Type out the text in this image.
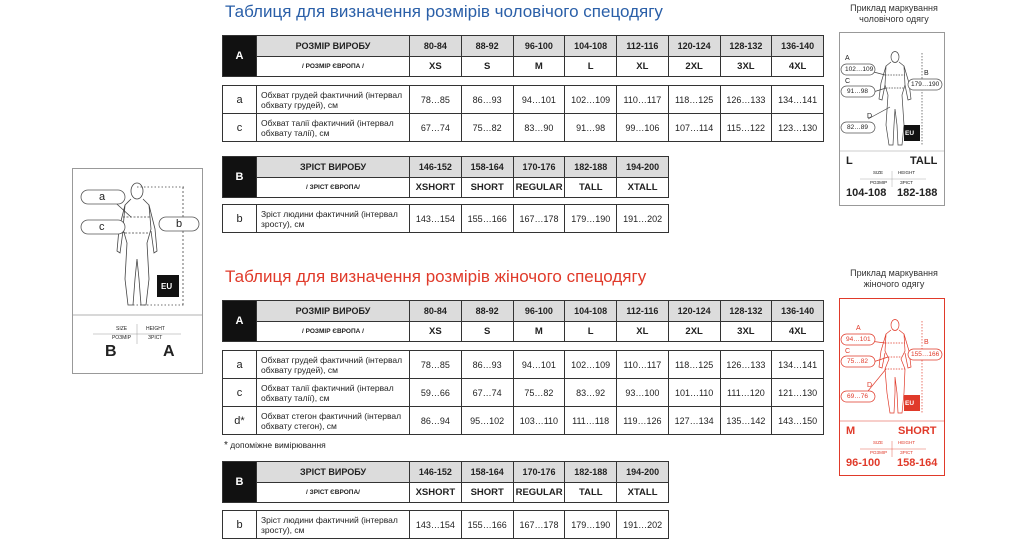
Таблиця для визначення розмірів чоловічого спецодягу
A	РОЗМІР ВИРОБУ	80-84	88-92	96-100	104-108	112-116	120-124	128-132	136-140
	/ РОЗМІР ЄВРОПА /	XS	S	M	L	XL	2XL	3XL	4XL
a	Обхват грудей фактичний (інтервал обхвату грудей), см	78…85	86…93	94…101	102…109	110…117	118…125	126…133	134…141
c	Обхват талії фактичний (інтервал обхвату талії), см	67…74	75…82	83…90	91…98	99…106	107…114	115…122	123…130
B	ЗРІСТ ВИРОБУ	146-152	158-164	170-176	182-188	194-200
	/ ЗРІСТ ЄВРОПА/	XSHORT	SHORT	REGULAR	TALL	XTALL
b	Зріст людини фактичний (інтервал зросту), см	143…154	155…166	167…178	179…190	191…202
Таблиця для визначення розмірів жіночого спецодягу
A	РОЗМІР ВИРОБУ	80-84	88-92	96-100	104-108	112-116	120-124	128-132	136-140
	/ РОЗМІР ЄВРОПА /	XS	S	M	L	XL	2XL	3XL	4XL
a	Обхват грудей фактичний (інтервал обхвату грудей), см	78…85	86…93	94…101	102…109	110…117	118…125	126…133	134…141
c	Обхват талії фактичний (інтервал обхвату талії), см	59…66	67…74	75…82	83…92	93…100	101…110	111…120	121…130
d*	Обхват стегон фактичний (інтервал обхвату стегон), см	86…94	95…102	103…110	111…118	119…126	127…134	135…142	143…150
* допоміжне вимірювання
B	ЗРІСТ ВИРОБУ	146-152	158-164	170-176	182-188	194-200
	/ ЗРІСТ ЄВРОПА/	XSHORT	SHORT	REGULAR	TALL	XTALL
b	Зріст людини фактичний (інтервал зросту), см	143…154	155…166	167…178	179…190	191…202
a
c	b
EU
SIZE
РОЗМІР
HEIGHT
ЗРІСТ
B	A
Приклад маркування чоловічого одягу
A
102…109
C
91…98
D
82…89
B
179…190
EU
L	TALL
SIZE
РОЗМІР
HEIGHT
ЗРІСТ
104-108 182-188
Приклад маркування жіночого одягу
A
94…101
C
75…82
D
69…76
B
155…166
EU
M	SHORT
SIZE
РОЗМІР
HEIGHT
ЗРІСТ
96-100 158-164
